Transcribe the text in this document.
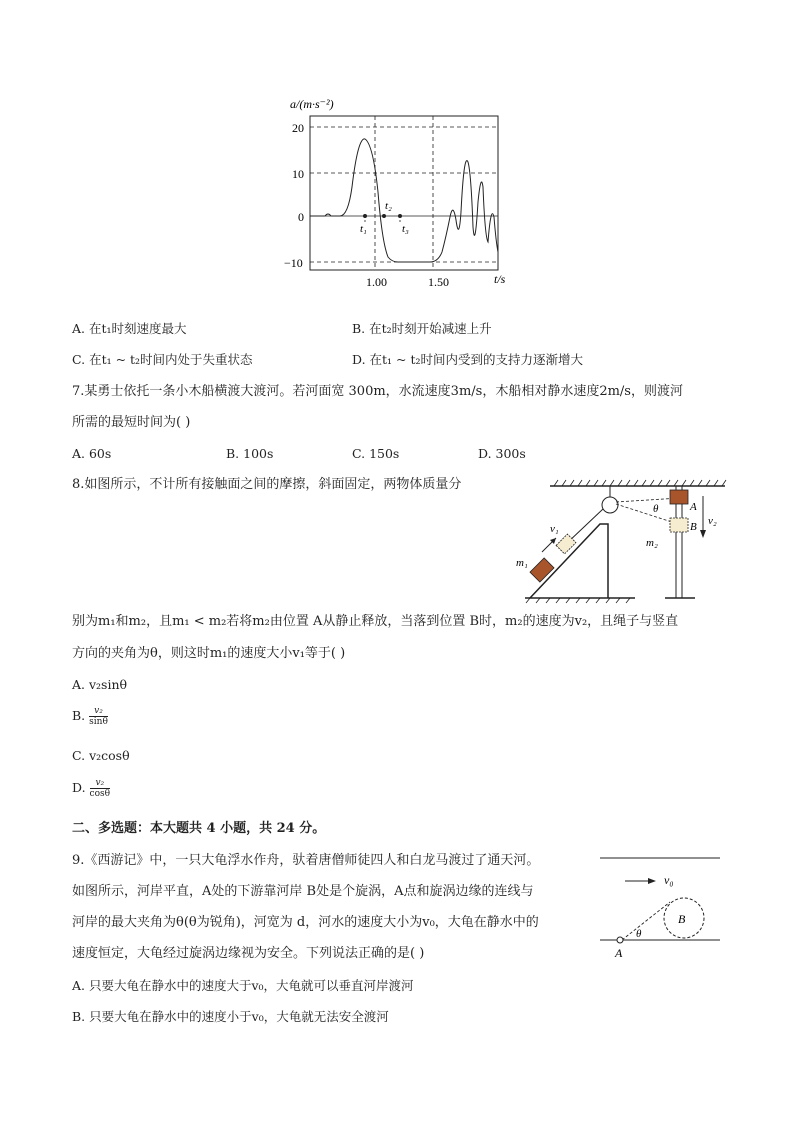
a/(m·s⁻²)
20
10
0
−10
1.00	1.50	t/s
t₁
t₂
t₃
A. 在t₁时刻速度最大	B. 在t₂时刻开始减速上升
C. 在t₁ ~ t₂时间内处于失重状态	D. 在t₁ ~ t₂时间内受到的支持力逐渐增大
7.某勇士依托一条小木船横渡大渡河。若河面宽 300m，水流速度3m/s，木船相对静水速度2m/s，则渡河
所需的最短时间为( )
A. 60s	B. 100s	C. 150s	D. 300s
8.如图所示，不计所有接触面之间的摩擦，斜面固定，两物体质量分
v₁
m₁
θ	A
B
m₂
v₂
别为m₁和m₂，且m₁ < m₂若将m₂由位置 A从静止释放，当落到位置 B时，m₂的速度为v₂，且绳子与竖直
方向的夹角为θ，则这时m₁的速度大小v₁等于( )
A. v₂sinθ
B. $\frac{\text{v₂}}{\sin\theta}$
C. v₂cosθ
D. $\frac{\text{v₂}}{\cos\theta}$
二、多选题：本大题共 4 小题，共 24 分。
9.《西游记》中，一只大龟浮水作舟，驮着唐僧师徒四人和白龙马渡过了通天河。
如图所示，河岸平直，A处的下游靠河岸 B处是个旋涡，A点和旋涡边缘的连线与
河岸的最大夹角为θ(θ为锐角)，河宽为 d，河水的速度大小为v₀，大龟在静水中的
速度恒定，大龟经过旋涡边缘视为安全。下列说法正确的是( )
v₀
B
θ
A
A. 只要大龟在静水中的速度大于v₀，大龟就可以垂直河岸渡河
B. 只要大龟在静水中的速度小于v₀，大龟就无法安全渡河
